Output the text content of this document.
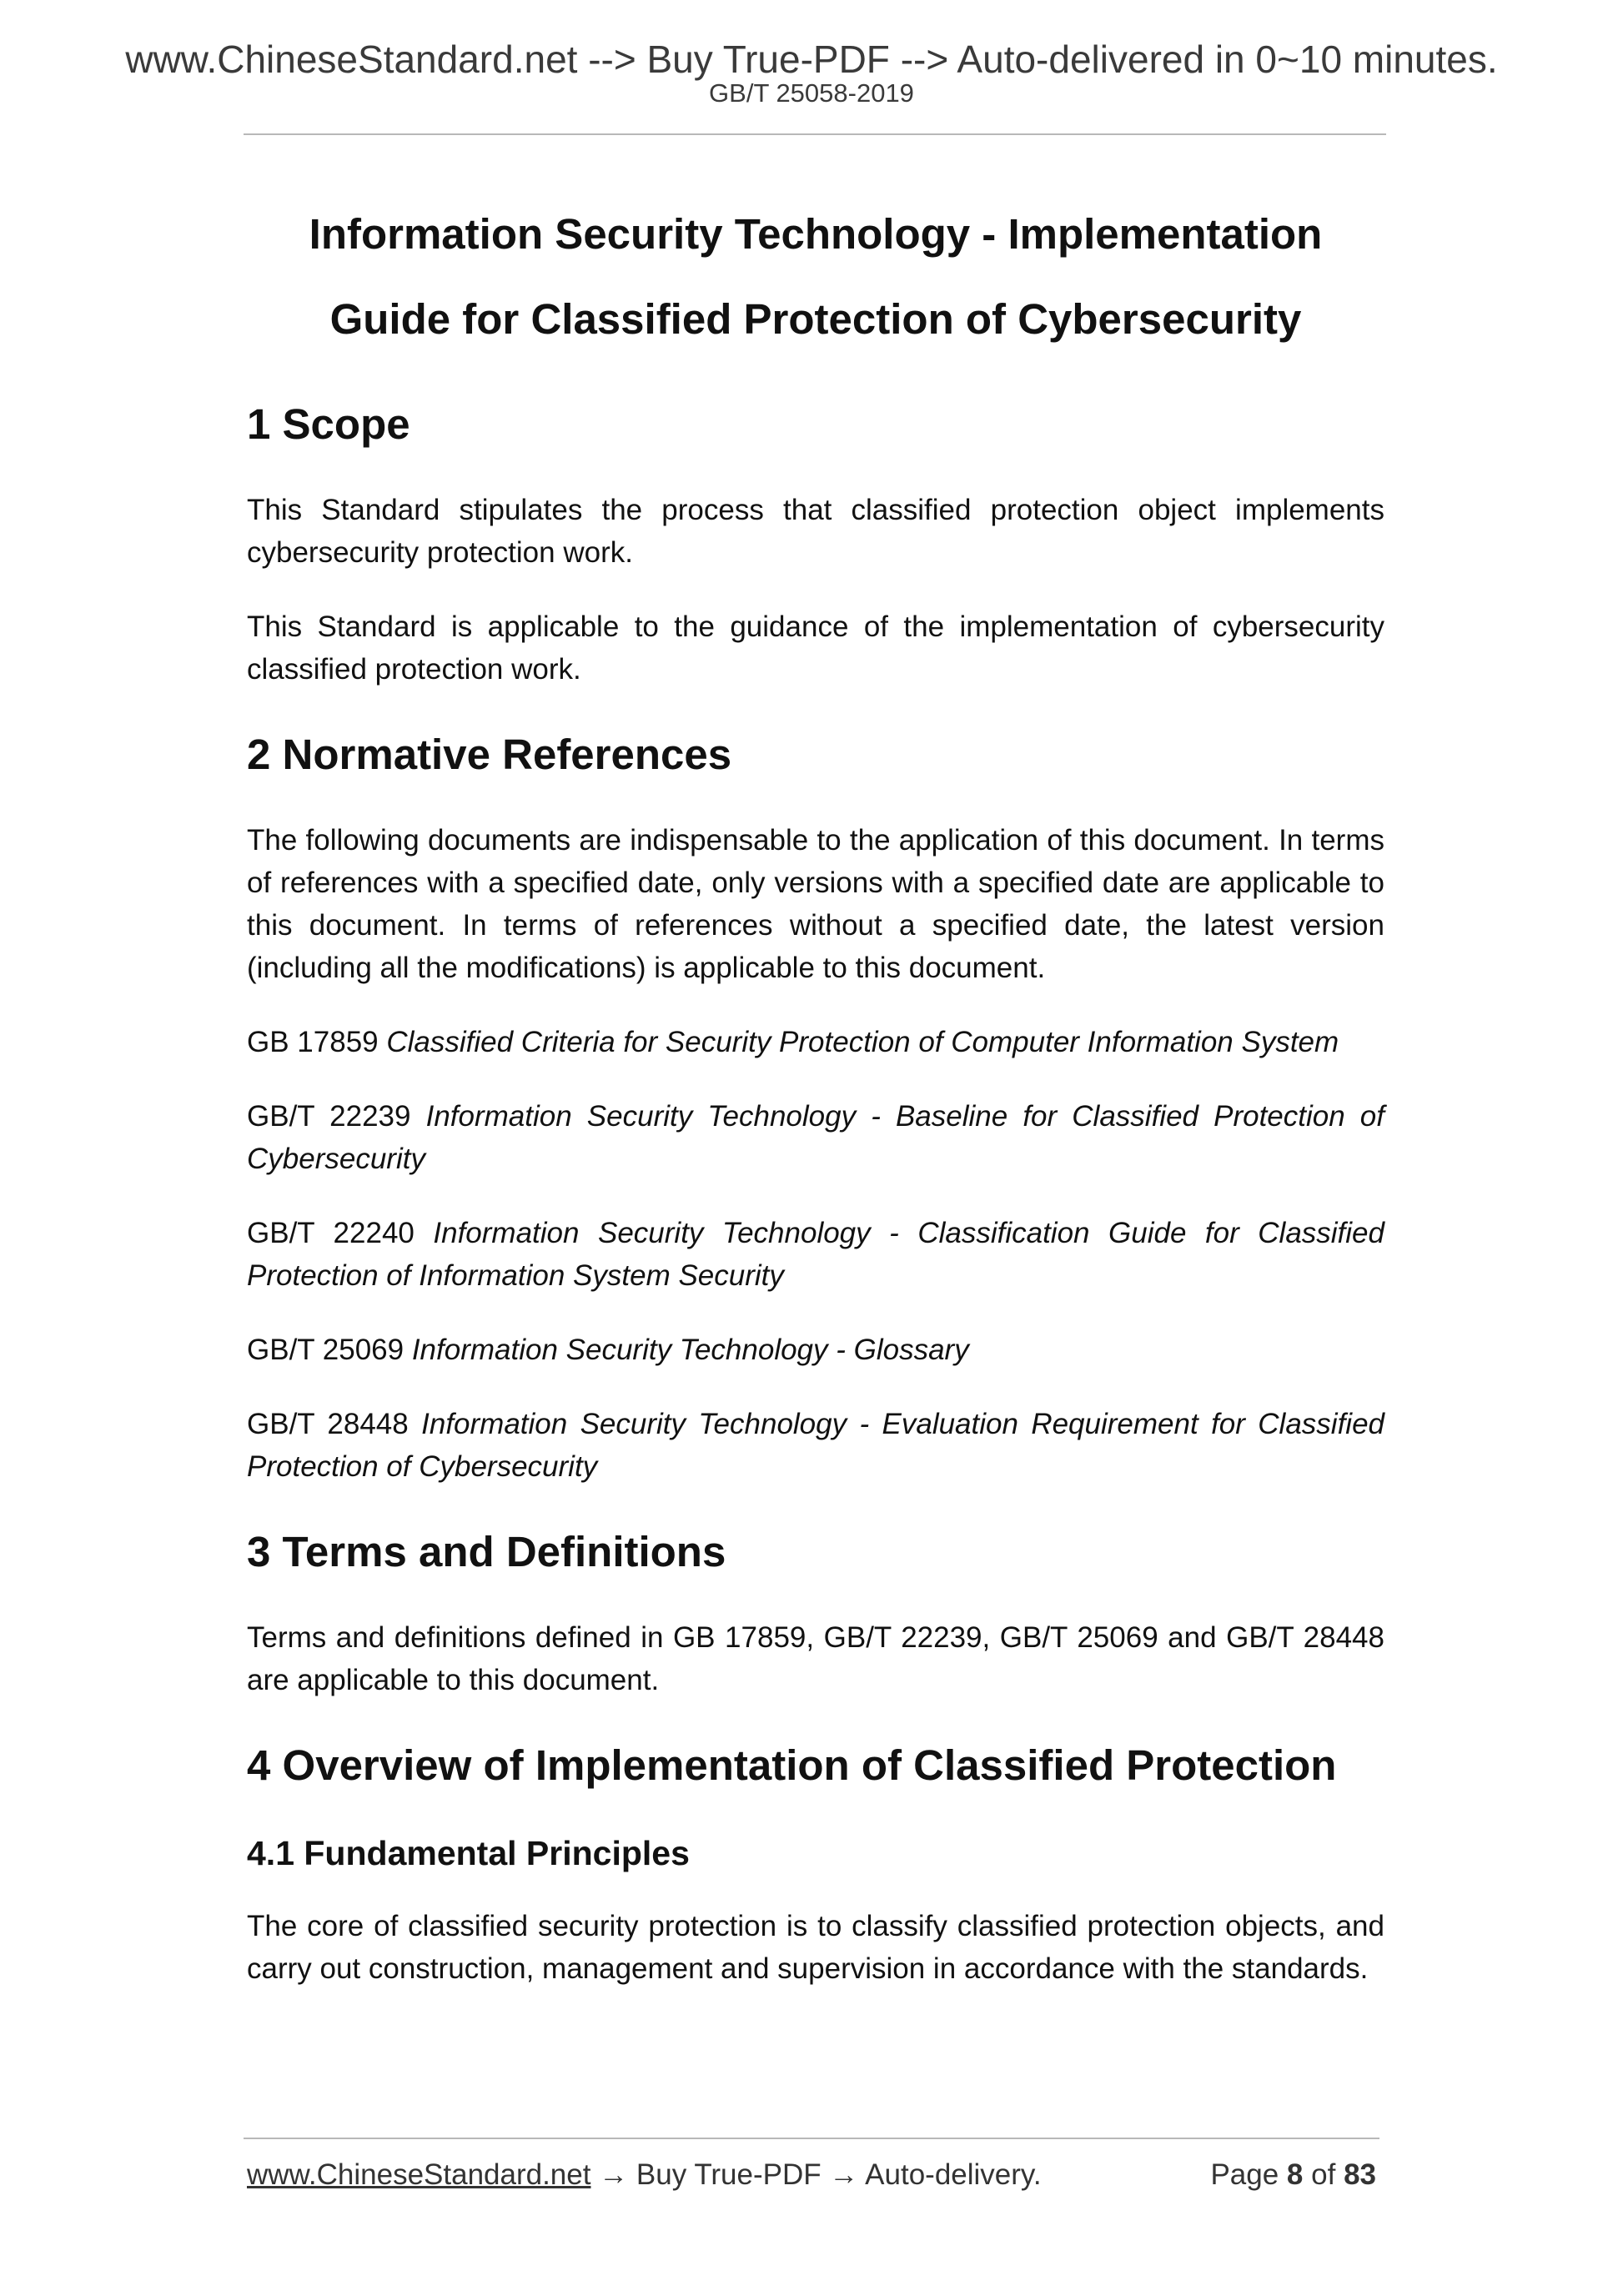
www.ChineseStandard.net --> Buy True-PDF --> Auto-delivered in 0~10 minutes.
GB/T 25058-2019
Information Security Technology - Implementation
Guide for Classified Protection of Cybersecurity
1 Scope

This Standard stipulates the process that classified protection object implements cybersecurity protection work.

This Standard is applicable to the guidance of the implementation of cybersecurity classified protection work.

2 Normative References

The following documents are indispensable to the application of this document. In terms of references with a specified date, only versions with a specified date are applicable to this document. In terms of references without a specified date, the latest version (including all the modifications) is applicable to this document.

GB 17859 Classified Criteria for Security Protection of Computer Information System

GB/T 22239 Information Security Technology - Baseline for Classified Protection of Cybersecurity

GB/T 22240 Information Security Technology - Classification Guide for Classified Protection of Information System Security

GB/T 25069 Information Security Technology - Glossary

GB/T 28448 Information Security Technology - Evaluation Requirement for Classified Protection of Cybersecurity

3 Terms and Definitions

Terms and definitions defined in GB 17859, GB/T 22239, GB/T 25069 and GB/T 28448 are applicable to this document.

4 Overview of Implementation of Classified Protection
4.1 Fundamental Principles

The core of classified security protection is to classify classified protection objects, and carry out construction, management and supervision in accordance with the standards.

www.ChineseStandard.net → Buy True-PDF → Auto-delivery.	Page 8 of 83
